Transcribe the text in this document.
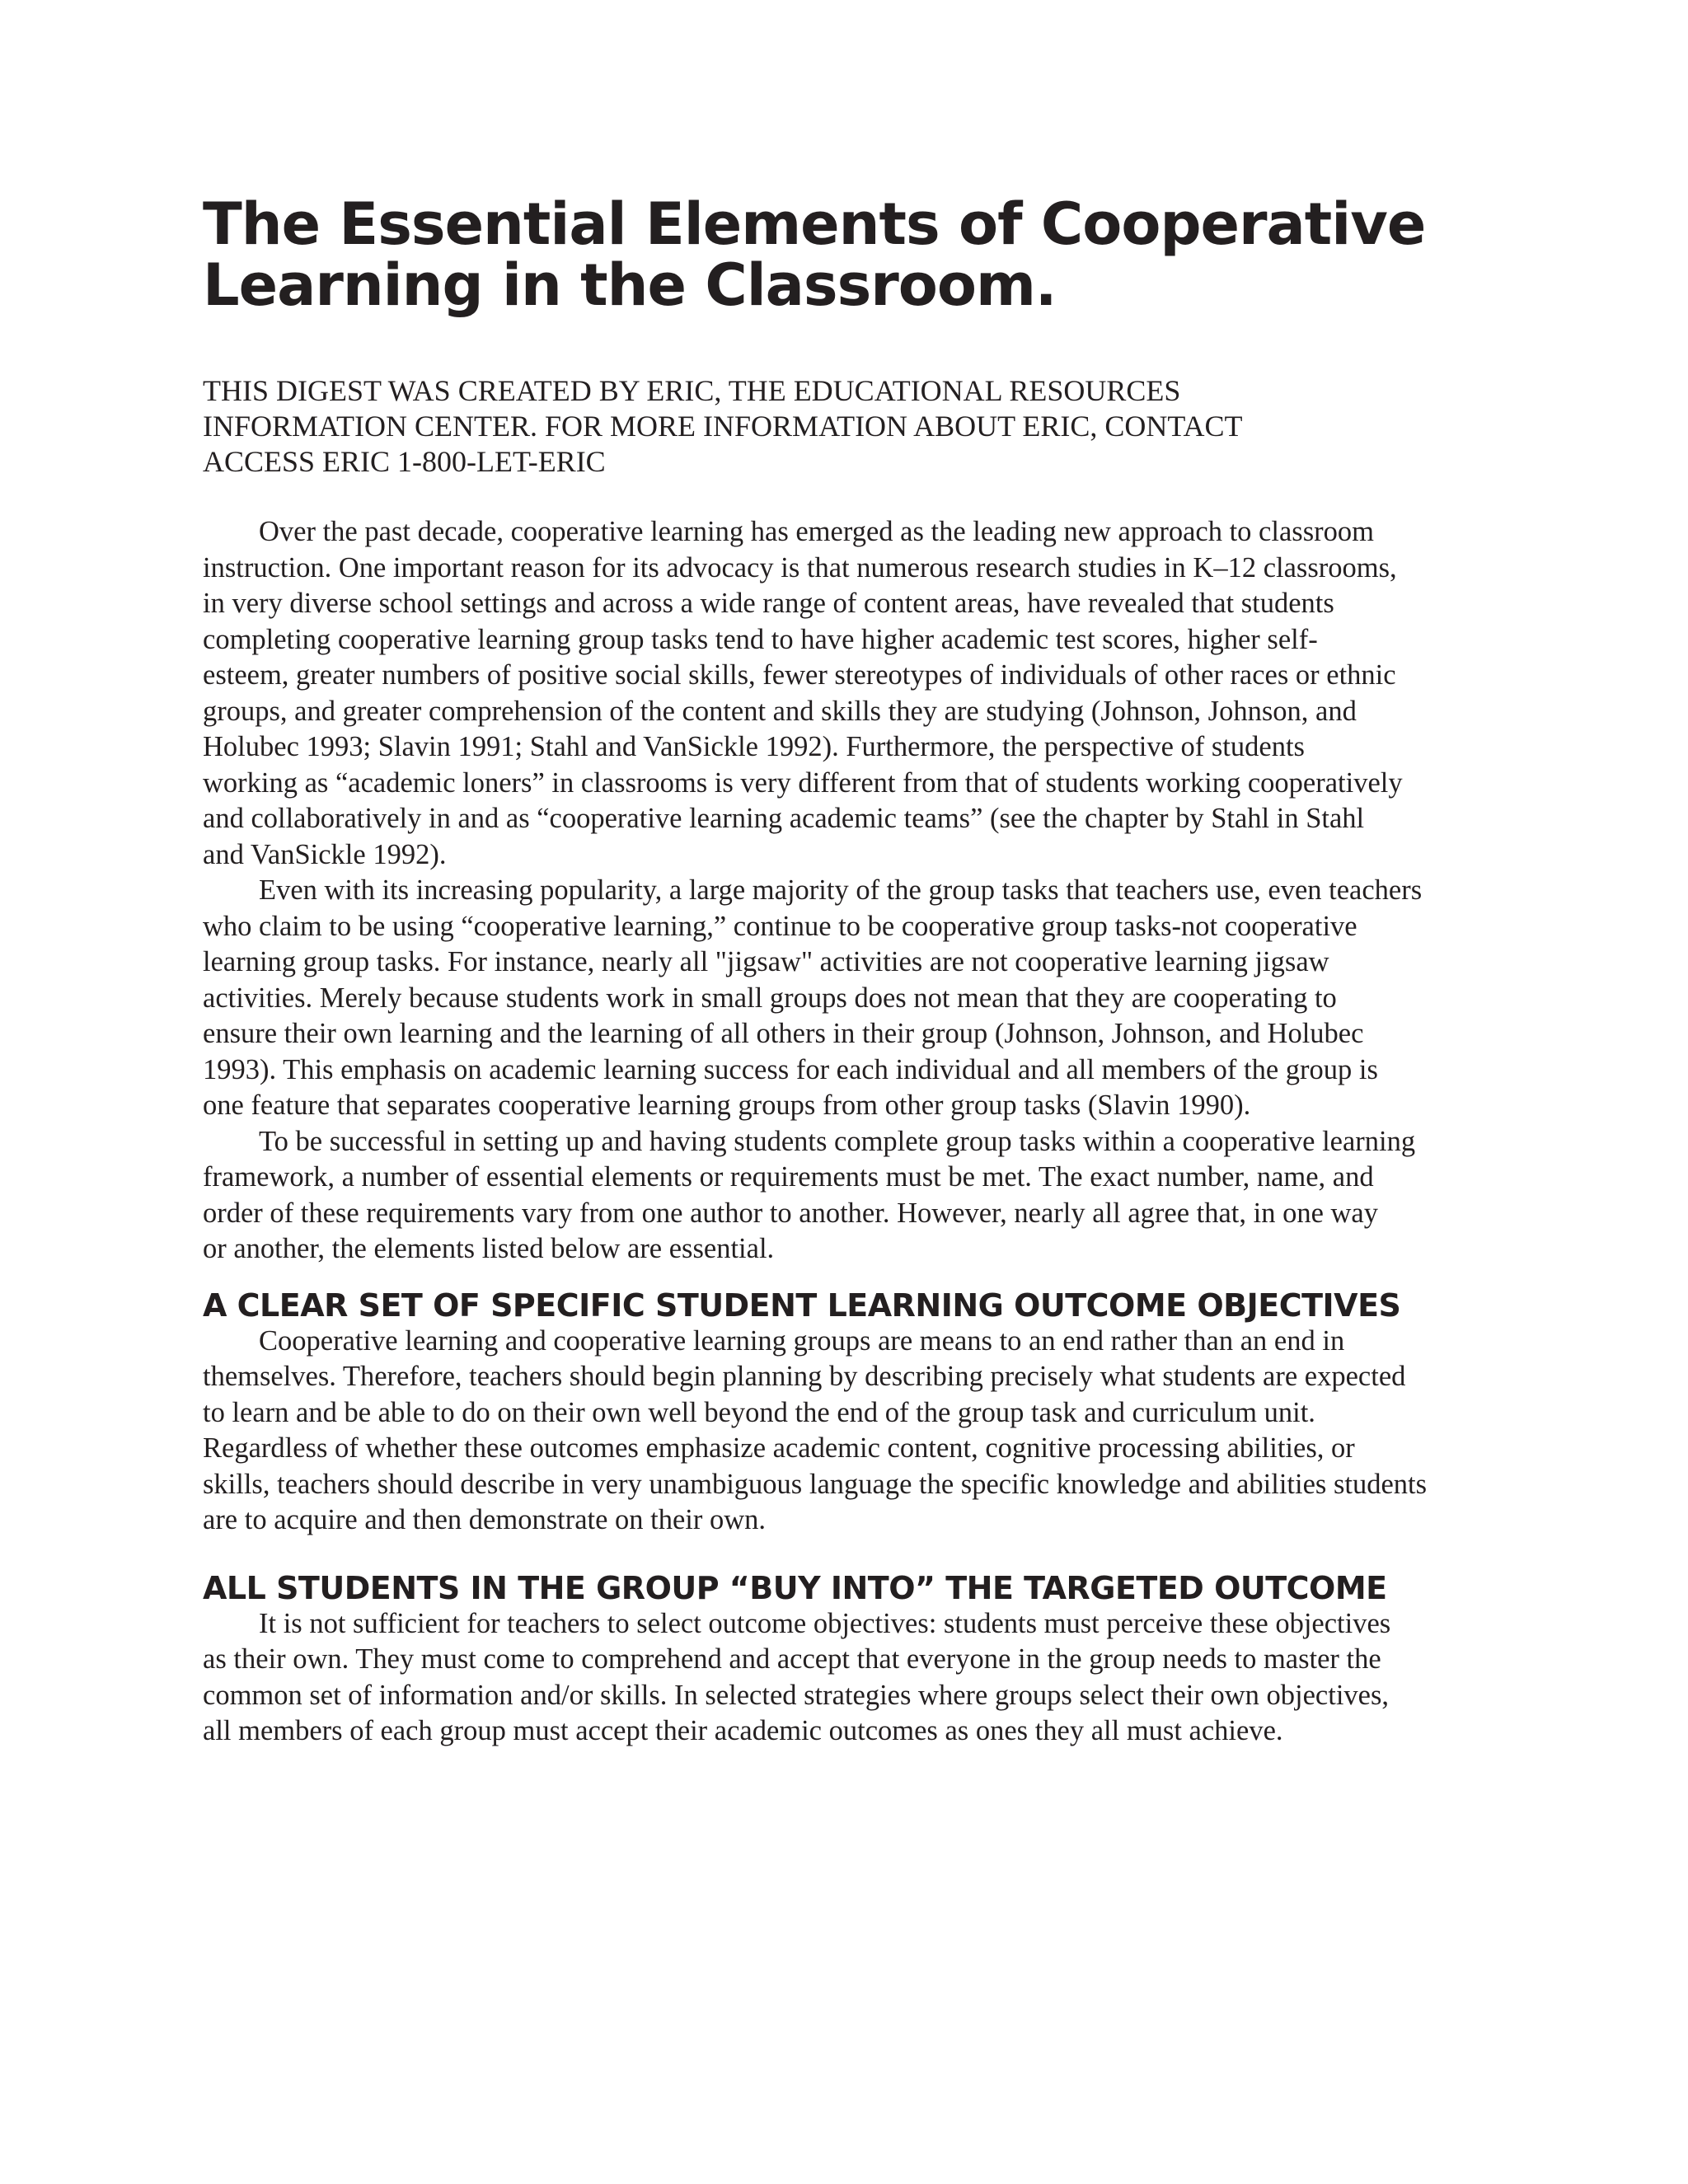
The Essential Elements of Cooperative
Learning in the Classroom.
THIS DIGEST WAS CREATED BY ERIC, THE EDUCATIONAL RESOURCES
INFORMATION CENTER. FOR MORE INFORMATION ABOUT ERIC, CONTACT
ACCESS ERIC 1-800-LET-ERIC

Over the past decade, cooperative learning has emerged as the leading new approach to classroom
instruction. One important reason for its advocacy is that numerous research studies in K–12 classrooms,
in very diverse school settings and across a wide range of content areas, have revealed that students
completing cooperative learning group tasks tend to have higher academic test scores, higher self-
esteem, greater numbers of positive social skills, fewer stereotypes of individuals of other races or ethnic
groups, and greater comprehension of the content and skills they are studying (Johnson, Johnson, and
Holubec 1993; Slavin 1991; Stahl and VanSickle 1992). Furthermore, the perspective of students
working as “academic loners” in classrooms is very different from that of students working cooperatively
and collaboratively in and as “cooperative learning academic teams” (see the chapter by Stahl in Stahl
and VanSickle 1992).

Even with its increasing popularity, a large majority of the group tasks that teachers use, even teachers
who claim to be using “cooperative learning,” continue to be cooperative group tasks-not cooperative
learning group tasks. For instance, nearly all "jigsaw" activities are not cooperative learning jigsaw
activities. Merely because students work in small groups does not mean that they are cooperating to
ensure their own learning and the learning of all others in their group (Johnson, Johnson, and Holubec
1993). This emphasis on academic learning success for each individual and all members of the group is
one feature that separates cooperative learning groups from other group tasks (Slavin 1990).

To be successful in setting up and having students complete group tasks within a cooperative learning
framework, a number of essential elements or requirements must be met. The exact number, name, and
order of these requirements vary from one author to another. However, nearly all agree that, in one way
or another, the elements listed below are essential.

A CLEAR SET OF SPECIFIC STUDENT LEARNING OUTCOME OBJECTIVES

Cooperative learning and cooperative learning groups are means to an end rather than an end in
themselves. Therefore, teachers should begin planning by describing precisely what students are expected
to learn and be able to do on their own well beyond the end of the group task and curriculum unit.
Regardless of whether these outcomes emphasize academic content, cognitive processing abilities, or
skills, teachers should describe in very unambiguous language the specific knowledge and abilities students
are to acquire and then demonstrate on their own.

ALL STUDENTS IN THE GROUP “BUY INTO” THE TARGETED OUTCOME

It is not sufficient for teachers to select outcome objectives: students must perceive these objectives
as their own. They must come to comprehend and accept that everyone in the group needs to master the
common set of information and/or skills. In selected strategies where groups select their own objectives,
all members of each group must accept their academic outcomes as ones they all must achieve.
